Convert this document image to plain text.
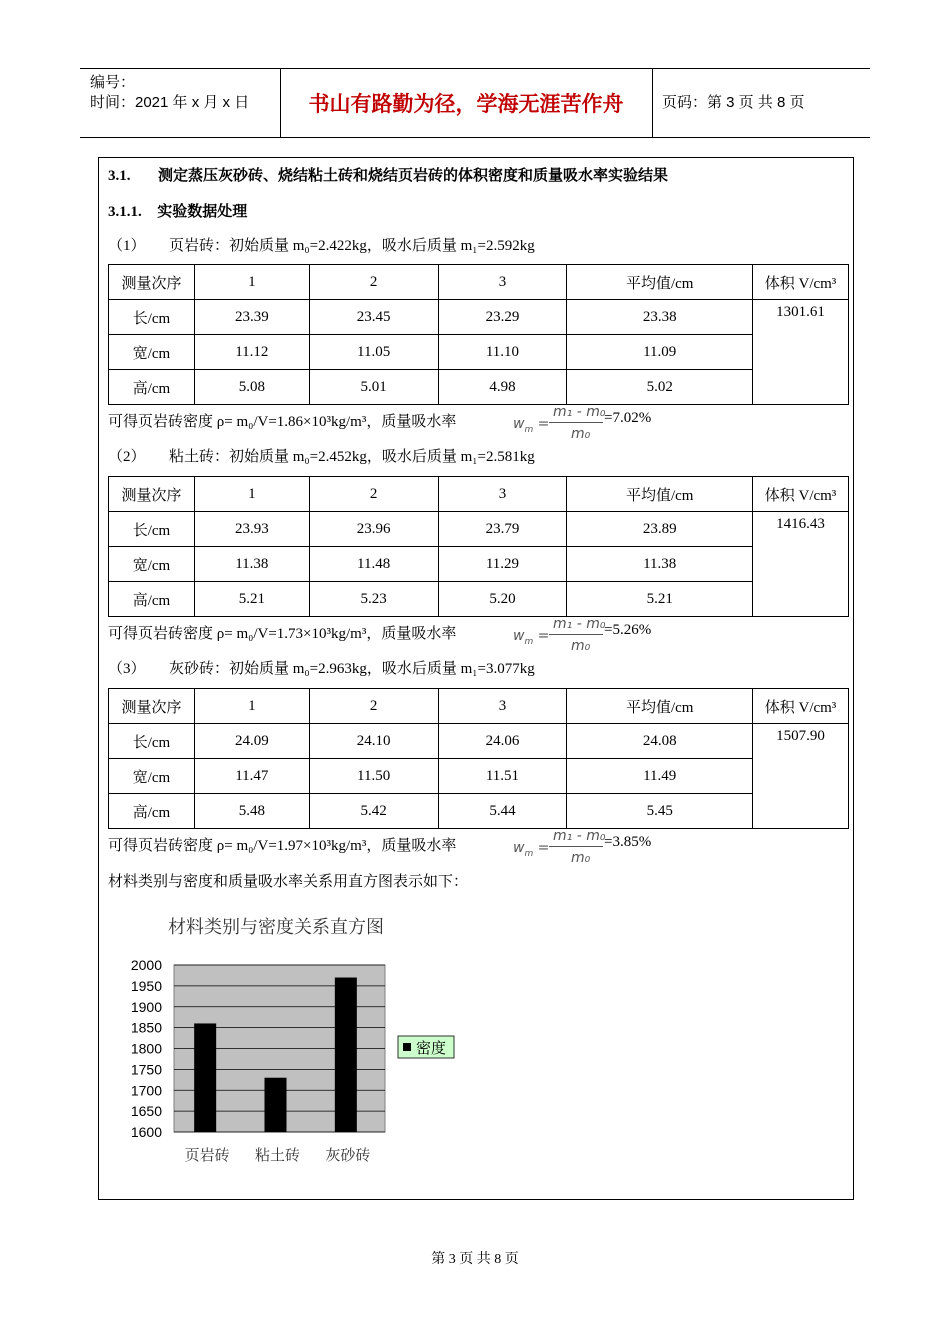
编号：
时间：2021 年 x 月 x 日	书山有路勤为径，学海无涯苦作舟	页码：第 3 页 共 8 页
3.1. 测定蒸压灰砂砖、烧结粘土砖和烧结页岩砖的体积密度和质量吸水率实验结果
3.1.1. 实验数据处理
（1） 页岩砖：初始质量 m₀=2.422kg，吸水后质量 m₁=2.592kg
测量次序	1	2	3	平均值/cm	体积 V/cm³
长/cm	23.39	23.45	23.29	23.38	1301.61
宽/cm	11.12	11.05	11.10	11.09	
高/cm	5.08	5.01	4.98	5.02	
可得页岩砖密度 ρ= m₀/V=1.86×10³kg/m³，质量吸水率	$w_m$ =
m₁ - m₀
m₀
=7.02%
（2） 粘土砖：初始质量 m₀=2.452kg，吸水后质量 m₁=2.581kg
测量次序	1	2	3	平均值/cm	体积 V/cm³
长/cm	23.93	23.96	23.79	23.89	1416.43
宽/cm	11.38	11.48	11.29	11.38	
高/cm	5.21	5.23	5.20	5.21	
可得页岩砖密度 ρ= m₀/V=1.73×10³kg/m³，质量吸水率	$w_m$ =
m₁ - m₀
m₀
=5.26%
（3） 灰砂砖：初始质量 m₀=2.963kg，吸水后质量 m₁=3.077kg
测量次序	1	2	3	平均值/cm	体积 V/cm³
长/cm	24.09	24.10	24.06	24.08	1507.90
宽/cm	11.47	11.50	11.51	11.49	
高/cm	5.48	5.42	5.44	5.45	
可得页岩砖密度 ρ= m₀/V=1.97×10³kg/m³，质量吸水率	$w_m$ =
m₁ - m₀
m₀
=3.85%
材料类别与密度和质量吸水率关系用直方图表示如下：
材料类别与密度关系直方图
1600
1650
1700
1750
1800
1850
1900
1950
2000
页岩砖 粘土砖 灰砂砖
密度
第 3 页 共 8 页
